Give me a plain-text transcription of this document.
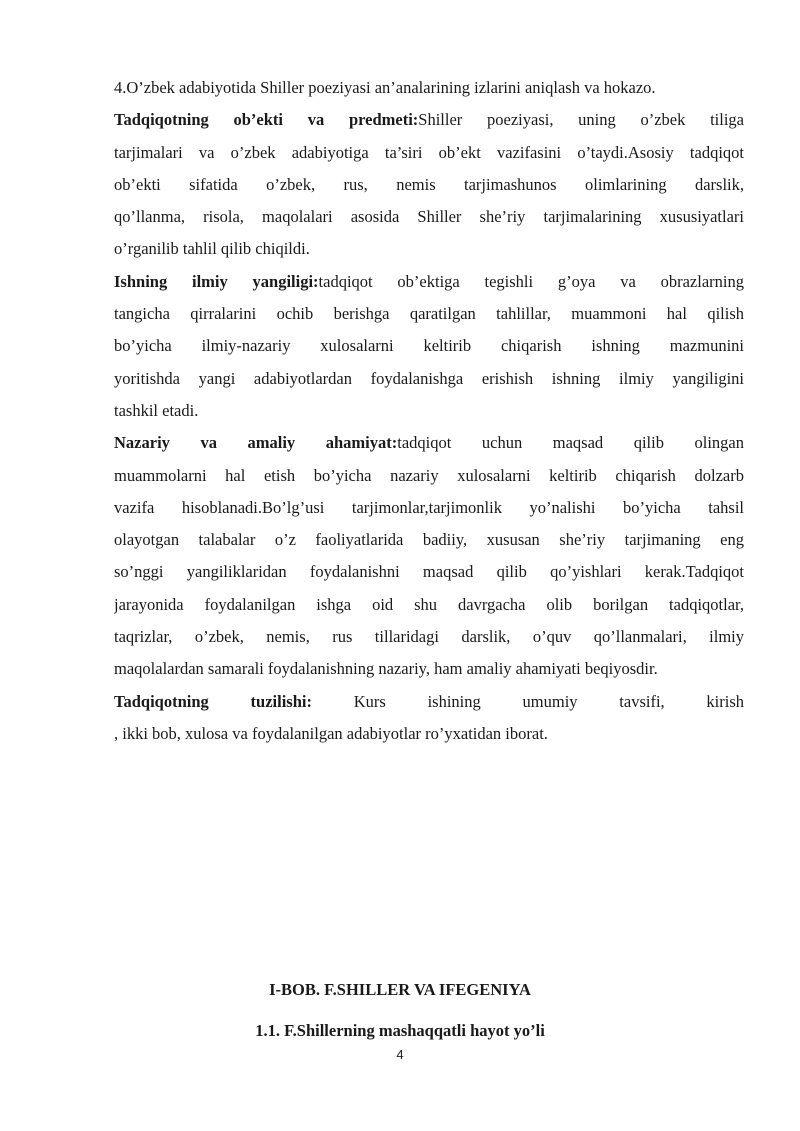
4.O’zbek adabiyotida Shiller poeziyasi an’analarining izlarini aniqlash va hokazo.
Tadqiqotning ob’ekti va predmeti:Shiller poeziyasi, uning o’zbek tiliga
tarjimalari va o’zbek adabiyotiga ta’siri ob’ekt vazifasini o’taydi.Asosiy tadqiqot
ob’ekti sifatida o’zbek, rus, nemis tarjimashunos olimlarining darslik,
qo’llanma, risola, maqolalari asosida Shiller she’riy tarjimalarining xususiyatlari
o’rganilib tahlil qilib chiqildi.
Ishning ilmiy yangiligi:tadqiqot ob’ektiga tegishli g’oya va obrazlarning
tangicha qirralarini ochib berishga qaratilgan tahlillar, muammoni hal qilish
bo’yicha ilmiy-nazariy xulosalarni keltirib chiqarish ishning mazmunini
yoritishda yangi adabiyotlardan foydalanishga erishish ishning ilmiy yangiligini
tashkil etadi.
Nazariy va amaliy ahamiyat:tadqiqot uchun maqsad qilib olingan
muammolarni hal etish bo’yicha nazariy xulosalarni keltirib chiqarish dolzarb
vazifa hisoblanadi.Bo’lg’usi tarjimonlar,tarjimonlik yo’nalishi bo’yicha tahsil
olayotgan talabalar o’z faoliyatlarida badiiy, xususan she’riy tarjimaning eng
so’nggi yangiliklaridan foydalanishni maqsad qilib qo’yishlari kerak.Tadqiqot
jarayonida foydalanilgan ishga oid shu davrgacha olib borilgan tadqiqotlar,
taqrizlar, o’zbek, nemis, rus tillaridagi darslik, o’quv qo’llanmalari, ilmiy
maqolalardan samarali foydalanishning nazariy, ham amaliy ahamiyati beqiyosdir.
Tadqiqotning tuzilishi: Kurs ishining umumiy tavsifi, kirish
, ikki bob, xulosa va foydalanilgan adabiyotlar ro’yxatidan iborat.
I-BOB. F.SHILLER VA IFEGENIYA
1.1. F.Shillerning mashaqqatli hayot yo’li
4
